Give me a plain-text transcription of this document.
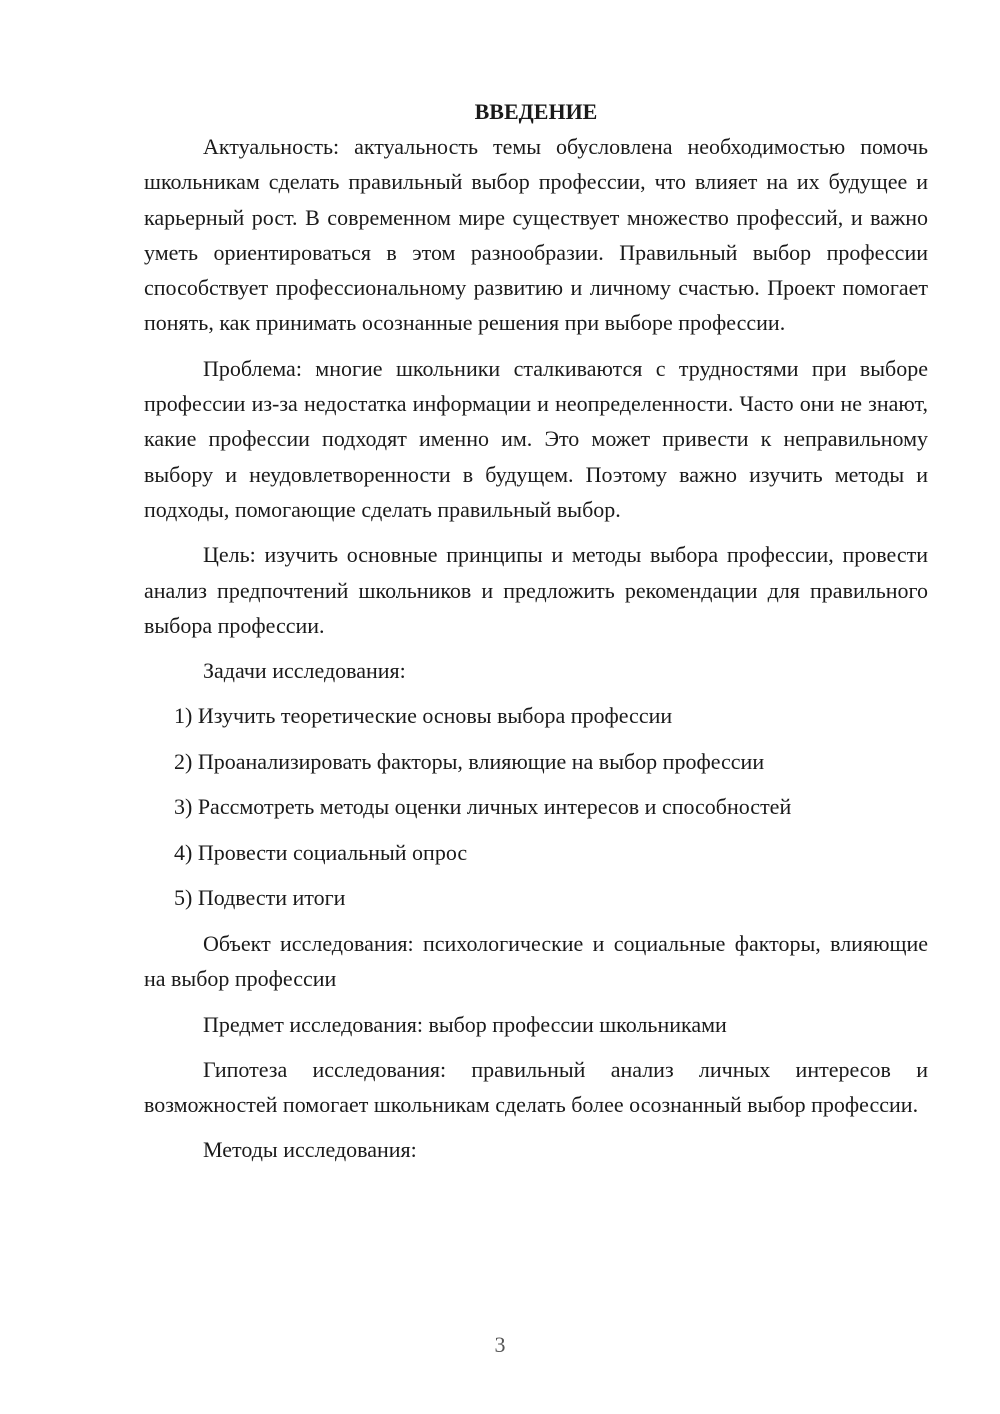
ВВЕДЕНИЕ

Актуальность: актуальность темы обусловлена необходимостью помочь школьникам сделать правильный выбор профессии, что влияет на их будущее и карьерный рост. В современном мире существует множество профессий, и важно уметь ориентироваться в этом разнообразии. Правильный выбор профессии способствует профессиональному развитию и личному счастью. Проект помогает понять, как принимать осознанные решения при выборе профессии.

Проблема: многие школьники сталкиваются с трудностями при выборе профессии из-за недостатка информации и неопределенности. Часто они не знают, какие профессии подходят именно им. Это может привести к неправильному выбору и неудовлетворенности в будущем. Поэтому важно изучить методы и подходы, помогающие сделать правильный выбор.

Цель: изучить основные принципы и методы выбора профессии, провести анализ предпочтений школьников и предложить рекомендации для правильного выбора профессии.

Задачи исследования:

1) Изучить теоретические основы выбора профессии
2) Проанализировать факторы, влияющие на выбор профессии
3) Рассмотреть методы оценки личных интересов и способностей
4) Провести социальный опрос
5) Подвести итоги

Объект исследования: психологические и социальные факторы, влияющие на выбор профессии

Предмет исследования: выбор профессии школьниками

Гипотеза исследования: правильный анализ личных интересов и возможностей помогает школьникам сделать более осознанный выбор профессии.

Методы исследования:

3
